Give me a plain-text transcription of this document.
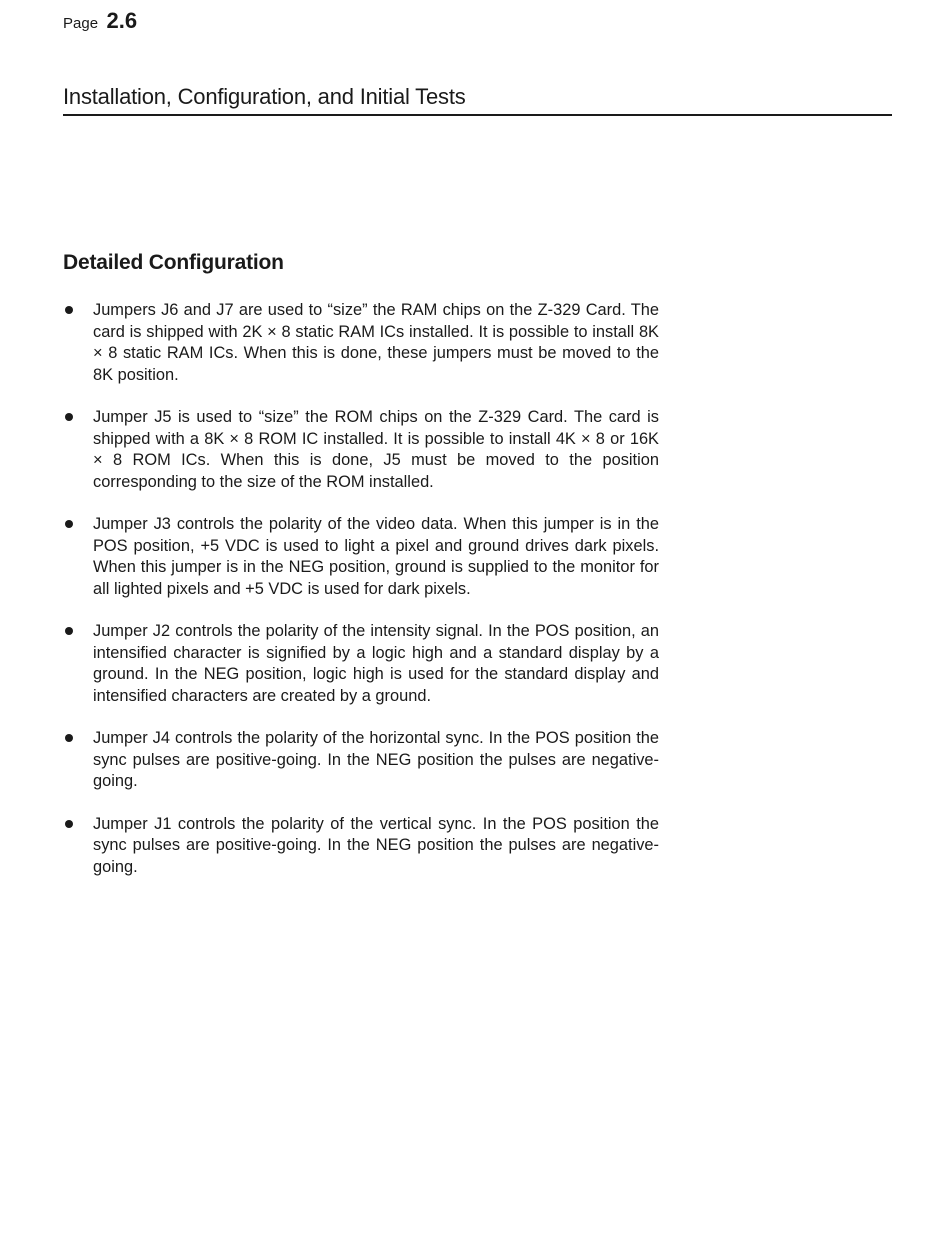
Page 2.6
Installation, Configuration, and Initial Tests
Detailed Configuration
Jumpers J6 and J7 are used to “size” the RAM chips on the Z-329 Card. The card is shipped with 2K × 8 static RAM ICs installed. It is possible to install 8K × 8 static RAM ICs. When this is done, these jumpers must be moved to the 8K position.
Jumper J5 is used to “size” the ROM chips on the Z-329 Card. The card is shipped with a 8K × 8 ROM IC installed. It is possible to install 4K × 8 or 16K × 8 ROM ICs. When this is done, J5 must be moved to the position corresponding to the size of the ROM installed.
Jumper J3 controls the polarity of the video data. When this jumper is in the POS position, +5 VDC is used to light a pixel and ground drives dark pixels. When this jumper is in the NEG position, ground is supplied to the monitor for all lighted pixels and +5 VDC is used for dark pixels.
Jumper J2 controls the polarity of the intensity signal. In the POS position, an intensified character is signified by a logic high and a standard display by a ground. In the NEG position, logic high is used for the standard display and intensified characters are created by a ground.
Jumper J4 controls the polarity of the horizontal sync. In the POS position the sync pulses are positive-going. In the NEG position the pulses are negative-going.
Jumper J1 controls the polarity of the vertical sync. In the POS position the sync pulses are positive-going. In the NEG position the pulses are negative-going.
